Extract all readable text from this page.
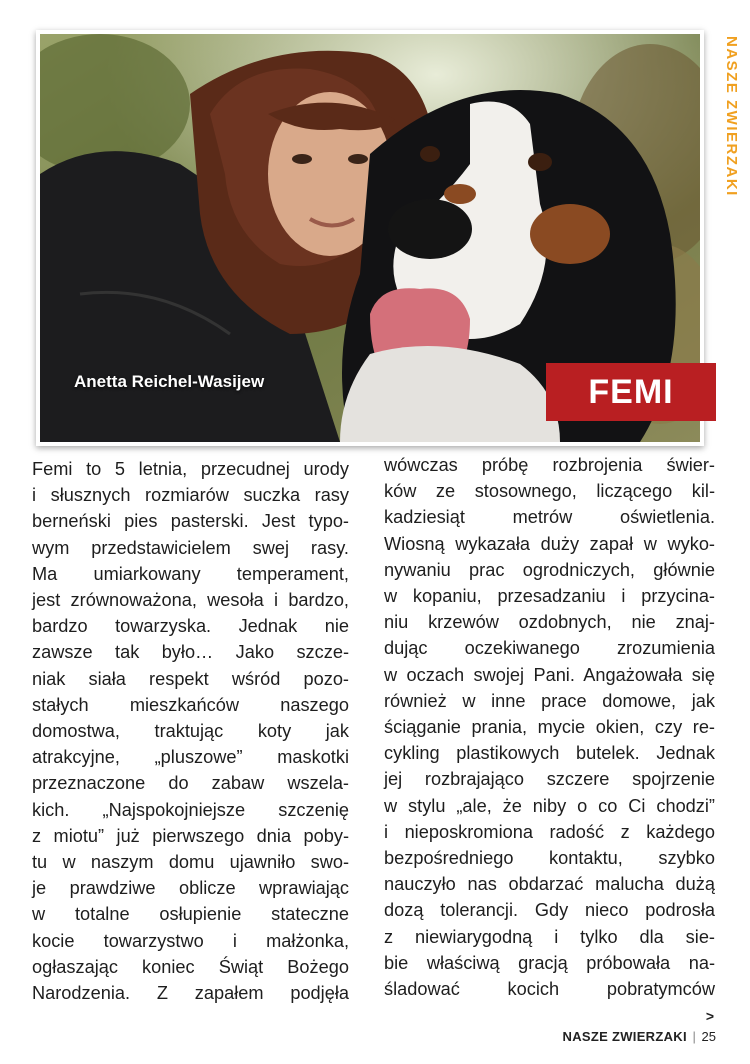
NASZE ZWIERZAKI
Anetta Reichel-Wasijew	FEMI

Femi to 5 letnia, przecudnej urody

i słusznych rozmiarów suczka rasy

berneński pies pasterski. Jest typo-

wym przedstawicielem swej rasy.

Ma umiarkowany temperament,

jest zrównoważona, wesoła i bardzo,

bardzo towarzyska. Jednak nie

zawsze tak było… Jako szcze-

niak siała respekt wśród pozo-

stałych mieszkańców naszego

domostwa, traktując koty jak

atrakcyjne, „pluszowe” maskotki

przeznaczone do zabaw wszela-

kich. „Najspokojniejsze szczenię

z miotu” już pierwszego dnia poby-

tu w naszym domu ujawniło swo-

je prawdziwe oblicze wprawiając

w totalne osłupienie stateczne

kocie towarzystwo i małżonka,

ogłaszając koniec Świąt Bożego

Narodzenia. Z zapałem podjęła

wówczas próbę rozbrojenia świer-

ków ze stosownego, liczącego kil-

kadziesiąt metrów oświetlenia.

Wiosną wykazała duży zapał w wyko-

nywaniu prac ogrodniczych, głównie

w kopaniu, przesadzaniu i przycina-

niu krzewów ozdobnych, nie znaj-

dując oczekiwanego zrozumienia

w oczach swojej Pani. Angażowała się

również w inne prace domowe, jak

ściąganie prania, mycie okien, czy re-

cykling plastikowych butelek. Jednak

jej rozbrajająco szczere spojrzenie

w stylu „ale, że niby o co Ci chodzi”

i nieposkromiona radość z każdego

bezpośredniego kontaktu, szybko

nauczyło nas obdarzać malucha dużą

dozą tolerancji. Gdy nieco podrosła

z niewiarygodną i tylko dla sie-

bie właściwą gracją próbowała na-

śladować kocich pobratymców

>
NASZE ZWIERZAKI | 25
